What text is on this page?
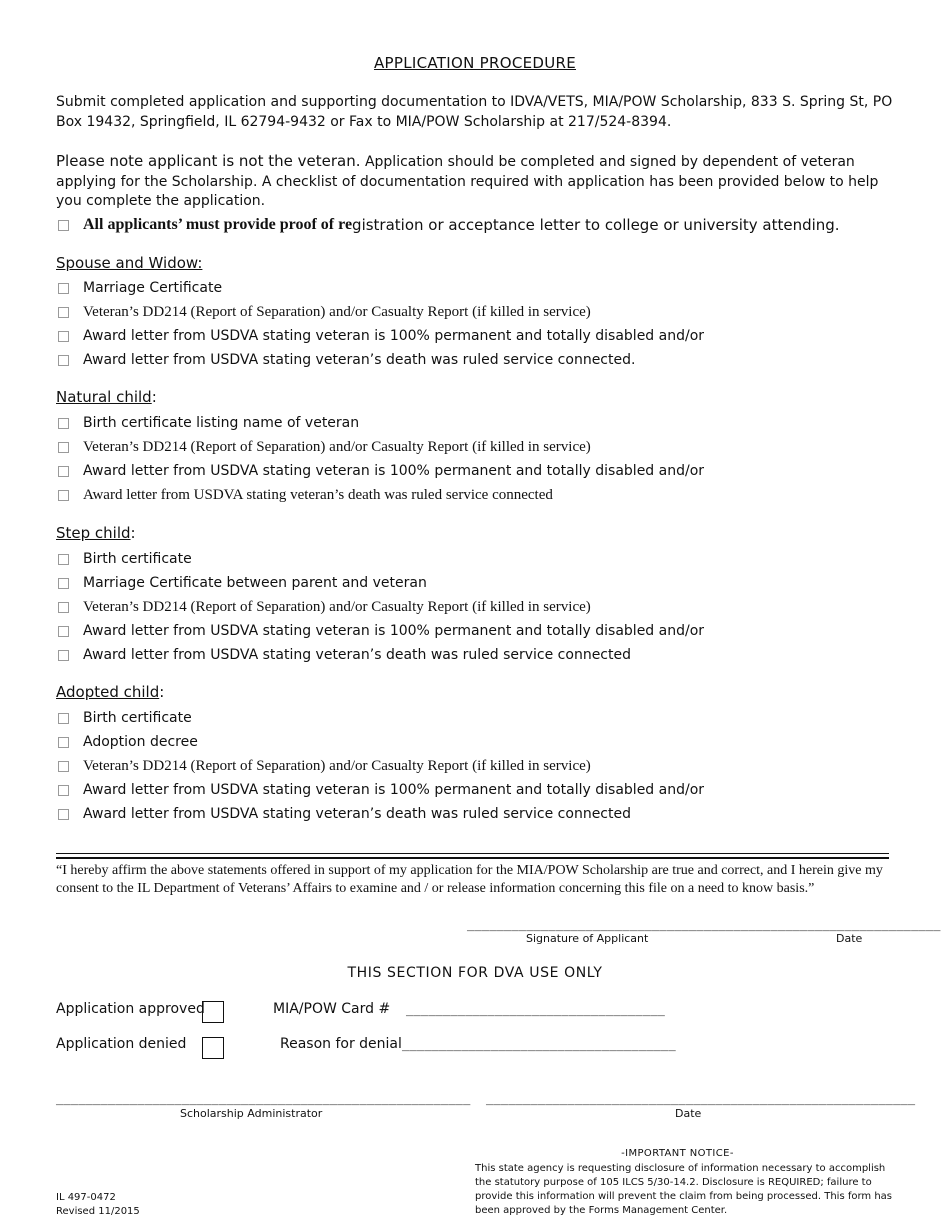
APPLICATION PROCEDURE
Submit completed application and supporting documentation to IDVA/VETS, MIA/POW Scholarship, 833 S. Spring St, PO Box 19432, Springfield, IL 62794-9432 or Fax to MIA/POW Scholarship at 217/524-8394.
Please note applicant is not the veteran. Application should be completed and signed by dependent of veteran applying for the Scholarship. A checklist of documentation required with application has been provided below to help you complete the application.
All applicants’ must provide proof of re gistration or acceptance letter to college or university attending.
Spouse and Widow:
Marriage Certificate
Veteran’s DD214 (Report of Separation) and/or Casualty Report (if killed in service)
Award letter from USDVA stating veteran is 100% permanent and totally disabled and/or
Award letter from USDVA stating veteran’s death was ruled service connected.
Natural child:
Birth certificate listing name of veteran
Veteran’s DD214 (Report of Separation) and/or Casualty Report (if killed in service)
Award letter from USDVA stating veteran is 100% permanent and totally disabled and/or
Award letter from USDVA stating veteran’s death was ruled service connected
Step child:
Birth certificate
Marriage Certificate between parent and veteran
Veteran’s DD214 (Report of Separation) and/or Casualty Report (if killed in service)
Award letter from USDVA stating veteran is 100% permanent and totally disabled and/or
Award letter from USDVA stating veteran’s death was ruled service connected
Adopted child:
Birth certificate
Adoption decree
Veteran’s DD214 (Report of Separation) and/or Casualty Report (if killed in service)
Award letter from USDVA stating veteran is 100% permanent and totally disabled and/or
Award letter from USDVA stating veteran’s death was ruled service connected
“I hereby affirm the above statements offered in support of my application for the MIA/POW Scholarship are true and correct, and I herein give my consent to the IL Department of Veterans’ Affairs to examine and / or release information concerning this file on a need to know basis.”
________________________________________________________________
Signature of Applicant	Date
THIS SECTION FOR DVA USE ONLY
Application approved	MIA/POW Card # ___________________________________
Application denied	Reason for denial _____________________________________
________________________________________________________
Scholarship Administrator
__________________________________________________________
Date
-IMPORTANT NOTICE-
This state agency is requesting disclosure of information necessary to accomplish the statutory purpose of 105 ILCS 5/30-14.2. Disclosure is REQUIRED; failure to provide this information will prevent the claim from being processed. This form has been approved by the Forms Management Center.
IL 497-0472
Revised 11/2015
